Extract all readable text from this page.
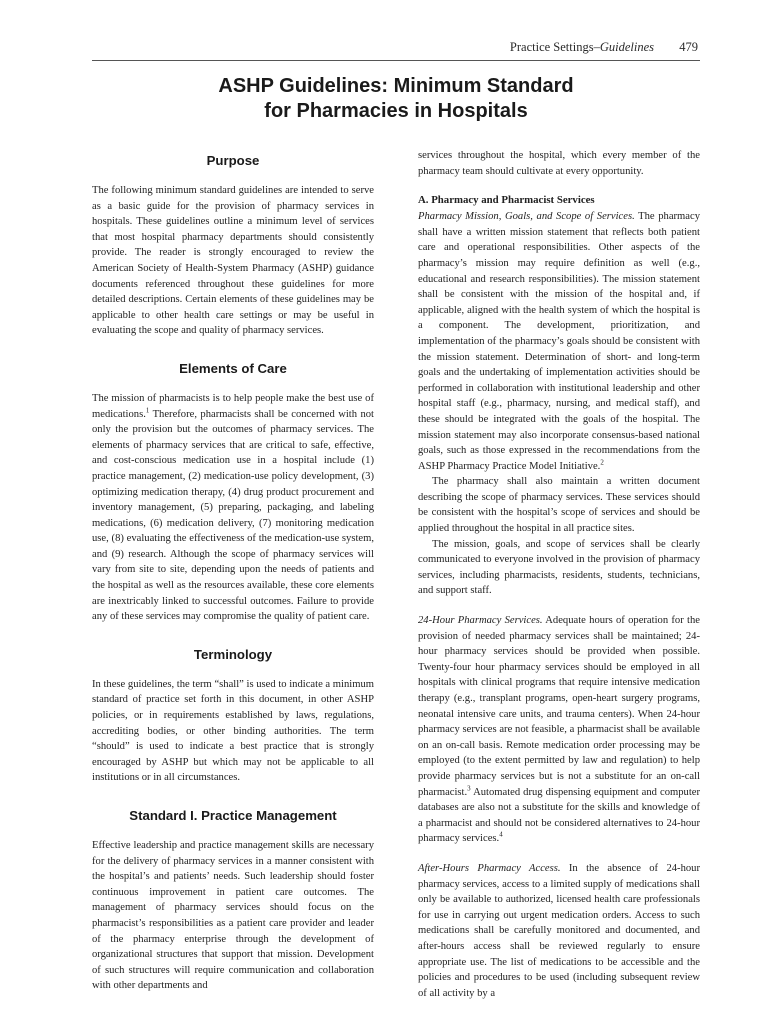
Practice Settings–Guidelines 479
ASHP Guidelines: Minimum Standard
for Pharmacies in Hospitals
Purpose

The following minimum standard guidelines are intended to serve as a basic guide for the provision of pharmacy services in hospitals. These guidelines outline a minimum level of services that most hospital pharmacy departments should consistently provide. The reader is strongly encouraged to review the American Society of Health-System Pharmacy (ASHP) guidance documents referenced throughout these guidelines for more detailed descriptions. Certain elements of these guidelines may be applicable to other health care settings or may be useful in evaluating the scope and quality of pharmacy services.

Elements of Care

The mission of pharmacists is to help people make the best use of medications.$^1$ Therefore, pharmacists shall be concerned with not only the provision but the outcomes of pharmacy services. The elements of pharmacy services that are critical to safe, effective, and cost-conscious medication use in a hospital include (1) practice management, (2) medication-use policy development, (3) optimizing medication therapy, (4) drug product procurement and inventory management, (5) preparing, packaging, and labeling medications, (6) medication delivery, (7) monitoring medication use, (8) evaluating the effectiveness of the medication-use system, and (9) research. Although the scope of pharmacy services will vary from site to site, depending upon the needs of patients and the hospital as well as the resources available, these core elements are inextricably linked to successful outcomes. Failure to provide any of these services may compromise the quality of patient care.

Terminology

In these guidelines, the term “shall” is used to indicate a minimum standard of practice set forth in this document, in other ASHP policies, or in requirements established by laws, regulations, accrediting bodies, or other binding authorities. The term “should” is used to indicate a best practice that is strongly encouraged by ASHP but which may not be applicable to all institutions or in all circumstances.

Standard I. Practice Management

Effective leadership and practice management skills are necessary for the delivery of pharmacy services in a manner consistent with the hospital’s and patients’ needs. Such leadership should foster continuous improvement in patient care outcomes. The management of pharmacy services should focus on the pharmacist’s responsibilities as a patient care provider and leader of the pharmacy enterprise through the development of organizational structures that support that mission. Development of such structures will require communication and collaboration with other departments and

services throughout the hospital, which every member of the pharmacy team should cultivate at every opportunity.

A. Pharmacy and Pharmacist Services

Pharmacy Mission, Goals, and Scope of Services. The pharmacy shall have a written mission statement that reflects both patient care and operational responsibilities. Other aspects of the pharmacy’s mission may require definition as well (e.g., educational and research responsibilities). The mission statement shall be consistent with the mission of the hospital and, if applicable, aligned with the health system of which the hospital is a component. The development, prioritization, and implementation of the pharmacy’s goals should be consistent with the mission statement. Determination of short- and long-term goals and the undertaking of implementation activities should be performed in collaboration with institutional leadership and other hospital staff (e.g., pharmacy, nursing, and medical staff), and these should be integrated with the goals of the hospital. The mission statement may also incorporate consensus-based national goals, such as those expressed in the recommendations from the ASHP Pharmacy Practice Model Initiative.$^2$

The pharmacy shall also maintain a written document describing the scope of pharmacy services. These services should be consistent with the hospital’s scope of services and should be applied throughout the hospital in all practice sites.

The mission, goals, and scope of services shall be clearly communicated to everyone involved in the provision of pharmacy services, including pharmacists, residents, students, technicians, and support staff.

24-Hour Pharmacy Services. Adequate hours of operation for the provision of needed pharmacy services shall be maintained; 24-hour pharmacy services should be provided when possible. Twenty-four hour pharmacy services should be employed in all hospitals with clinical programs that require intensive medication therapy (e.g., transplant programs, open-heart surgery programs, neonatal intensive care units, and trauma centers). When 24-hour pharmacy services are not feasible, a pharmacist shall be available on an on-call basis. Remote medication order processing may be employed (to the extent permitted by law and regulation) to help provide pharmacy services but is not a substitute for an on-call pharmacist.$^3$ Automated drug dispensing equipment and computer databases are also not a substitute for the skills and knowledge of a pharmacist and should not be considered alternatives to 24-hour pharmacy services.$^4$

After-Hours Pharmacy Access. In the absence of 24-hour pharmacy services, access to a limited supply of medications shall only be available to authorized, licensed health care professionals for use in carrying out urgent medication orders. Access to such medications shall be carefully monitored and documented, and after-hours access shall be reviewed regularly to ensure appropriate use. The list of medications to be accessible and the policies and procedures to be used (including subsequent review of all activity by a
